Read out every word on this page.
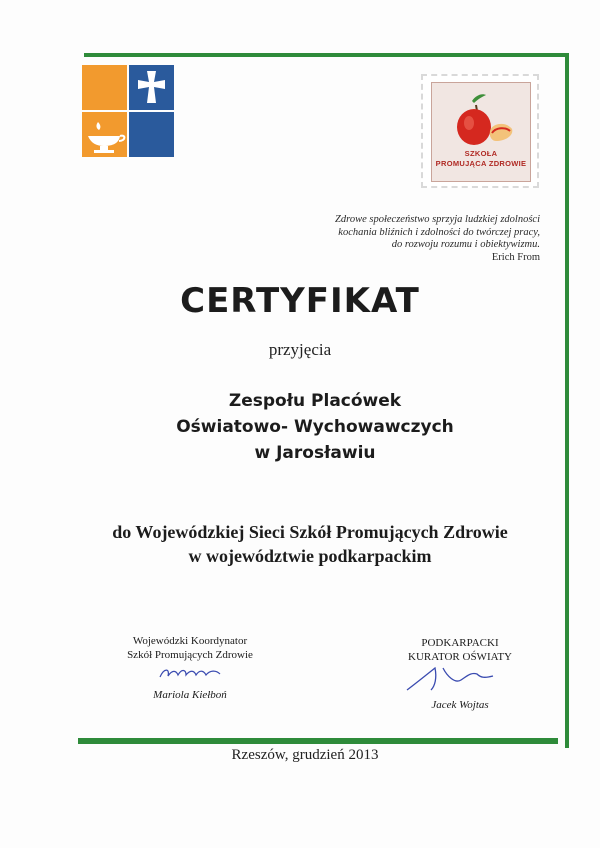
SZKOŁA
PROMUJĄCA ZDROWIE
Zdrowe społeczeństwo sprzyja ludzkiej zdolności
kochania bliźnich i zdolności do twórczej pracy,
do rozwoju rozumu i obiektywizmu.
Erich From
CERTYFIKAT
przyjęcia
Zespołu Placówek
Oświatowo- Wychowawczych
w Jarosławiu
do Wojewódzkiej Sieci Szkół Promujących Zdrowie
w województwie podkarpackim
Wojewódzki Koordynator
Szkół Promujących Zdrowie
Mariola Kiełboń
PODKARPACKI
KURATOR OŚWIATY
Jacek Wojtas
Rzeszów, grudzień 2013
